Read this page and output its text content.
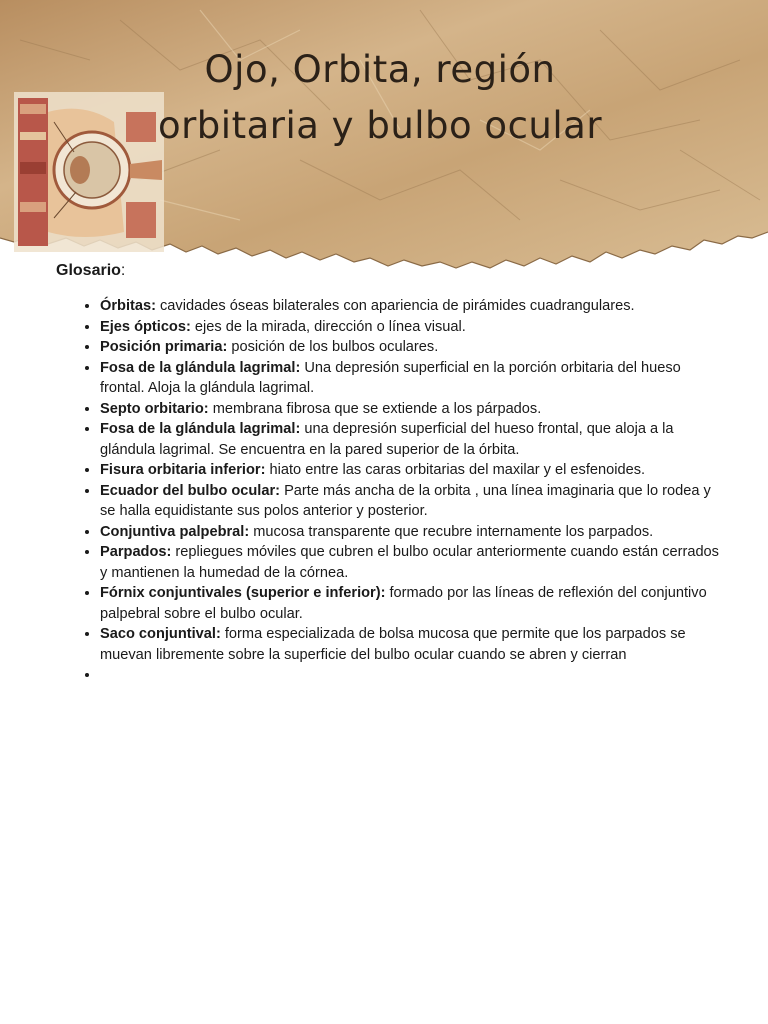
Ojo, Orbita, región
orbitaria y bulbo ocular
Glosario:
• Órbitas: cavidades óseas bilaterales con apariencia de pirámides cuadrangulares.
• Ejes ópticos: ejes de la mirada, dirección o línea visual.
• Posición primaria: posición de los bulbos oculares.
• Fosa de la glándula lagrimal: Una depresión superficial en la porción orbitaria del hueso frontal. Aloja la glándula lagrimal.
• Septo orbitario: membrana fibrosa que se extiende a los párpados.
• Fosa de la glándula lagrimal: una depresión superficial del hueso frontal, que aloja a la glándula lagrimal. Se encuentra en la pared superior de la órbita.
• Fisura orbitaria inferior: hiato entre las caras orbitarias del maxilar y el esfenoides.
• Ecuador del bulbo ocular: Parte más ancha de la orbita , una línea imaginaria que lo rodea y se halla equidistante sus polos anterior y posterior.
• Conjuntiva palpebral: mucosa transparente que recubre internamente los parpados.
• Parpados: repliegues móviles que cubren el bulbo ocular anteriormente cuando están cerrados y mantienen la humedad de la córnea.
• Fórnix conjuntivales (superior e inferior): formado por las líneas de reflexión del conjuntivo palpebral sobre el bulbo ocular.
• Saco conjuntival: forma especializada de bolsa mucosa que permite que los parpados se muevan libremente sobre la superficie del bulbo ocular cuando se abren y cierran
•
